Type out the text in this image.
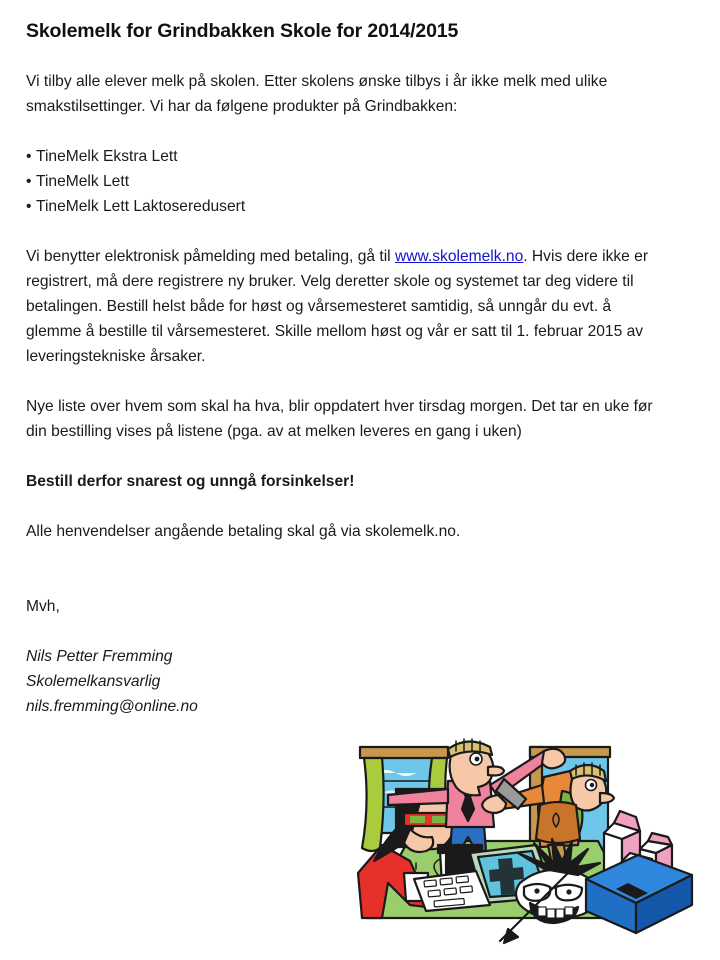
Skolemelk for Grindbakken Skole for 2014/2015

Vi tilby alle elever melk på skolen. Etter skolens ønske tilbys i år ikke melk med ulike smakstilsettinger. Vi har da følgene produkter på Grindbakken:

• TineMelk Ekstra Lett
• TineMelk Lett
• TineMelk Lett Laktoseredusert

Vi benytter elektronisk påmelding med betaling, gå til www.skolemelk.no. Hvis dere ikke er registrert, må dere registrere ny bruker. Velg deretter skole og systemet tar deg videre til betalingen. Bestill helst både for høst og vårsemesteret samtidig, så unngår du evt. å glemme å bestille til vårsemesteret. Skille mellom høst og vår er satt til 1. februar 2015 av leveringstekniske årsaker.

Nye liste over hvem som skal ha hva, blir oppdatert hver tirsdag morgen. Det tar en uke før din bestilling vises på listene (pga. av at melken leveres en gang i uken)

Bestill derfor snarest og unngå forsinkelser!

Alle henvendelser angående betaling skal gå via skolemelk.no.

Mvh,
Nils Petter Fremming
Skolemelkansvarlig
nils.fremming@online.no
